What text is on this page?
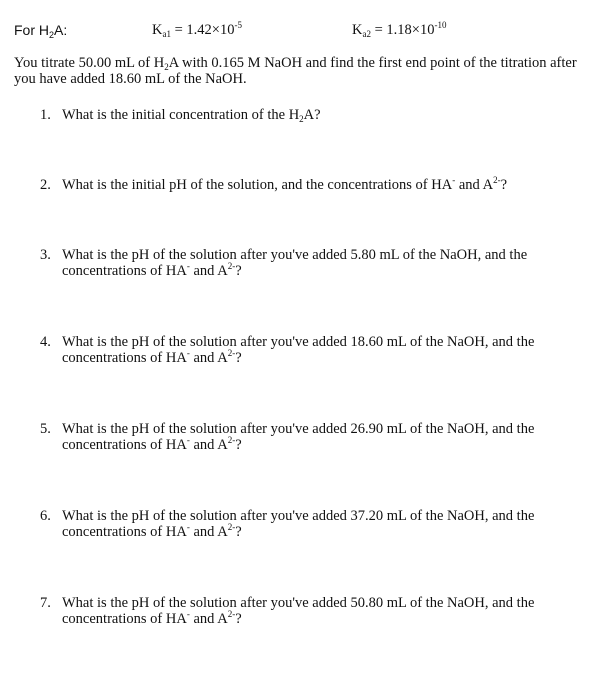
For $H_2A$:	$K_{a1} = 1.42\times 10^{-5}$	$K_{a2} = 1.18\times 10^{-10}$
You titrate 50.00 mL of $H_2A$ with 0.165 M NaOH and find the first end point of the titration after you have added 18.60 mL of the NaOH.
1. What is the initial concentration of the $H_2A$?
2. What is the initial pH of the solution, and the concentrations of HA- and $A^{2-}$?
3. What is the pH of the solution after you've added 5.80 mL of the NaOH, and the concentrations of HA- and $A^{2-}$?
4. What is the pH of the solution after you've added 18.60 mL of the NaOH, and the concentrations of HA- and $A^{2-}$?
5. What is the pH of the solution after you've added 26.90 mL of the NaOH, and the concentrations of HA- and $A^{2-}$?
6. What is the pH of the solution after you've added 37.20 mL of the NaOH, and the concentrations of HA- and $A^{2-}$?
7. What is the pH of the solution after you've added 50.80 mL of the NaOH, and the concentrations of HA- and $A^{2-}$?
